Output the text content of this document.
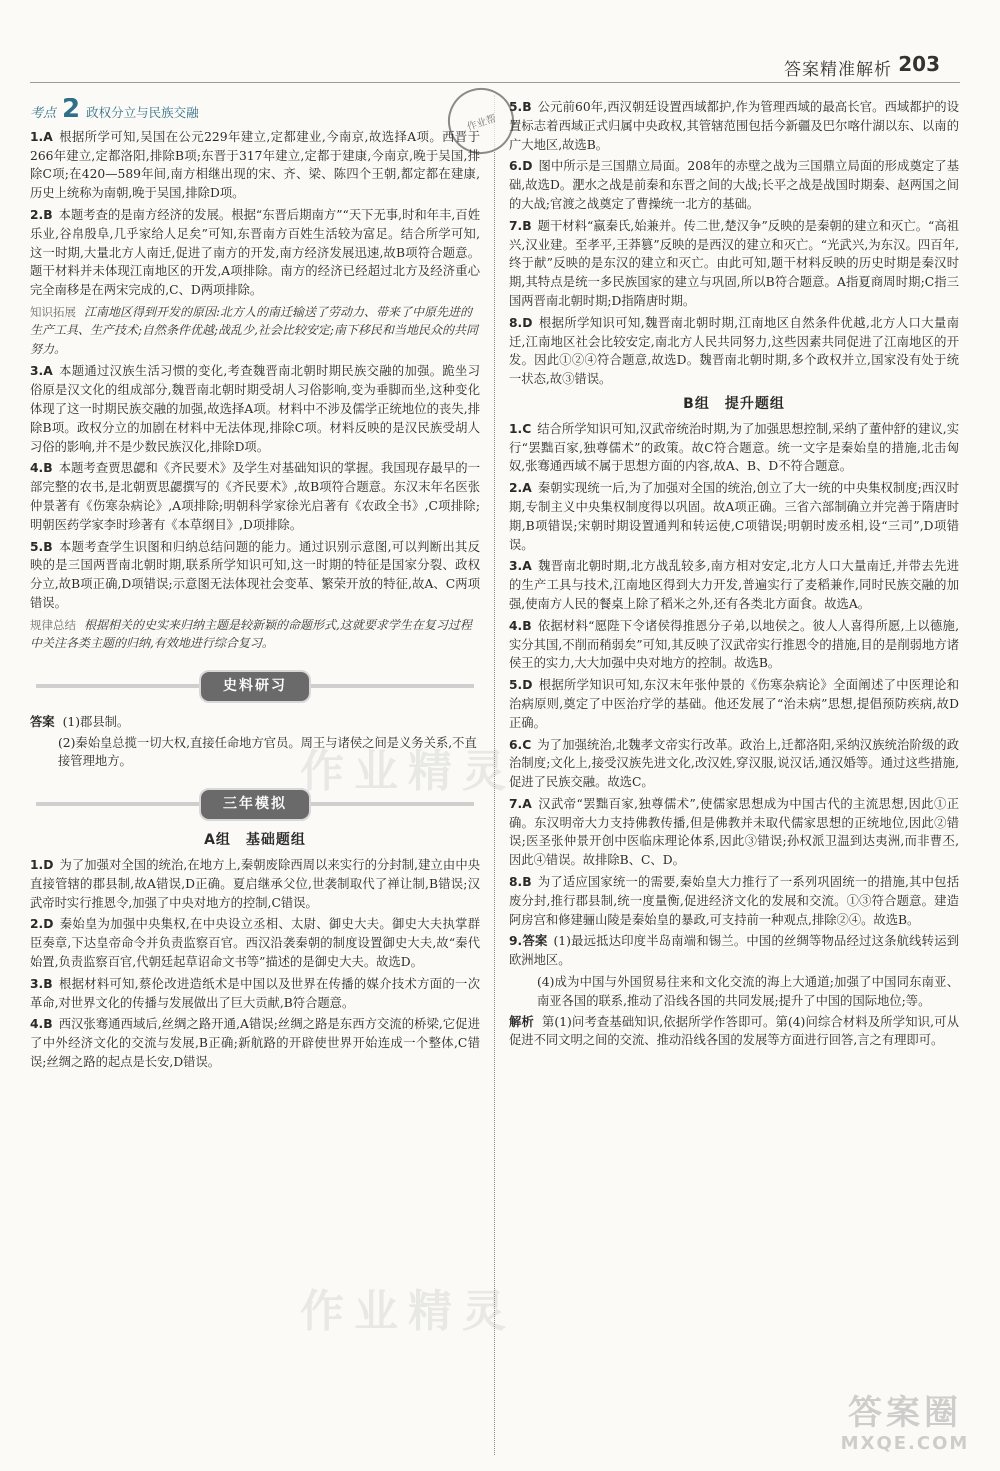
答案精准解析 203
作业帮
考点 2 政权分立与民族交融

1.A 根据所学可知,吴国在公元229年建立,定都建业,今南京,故选择A项。西晋于266年建立,定都洛阳,排除B项;东晋于317年建立,定都于建康,今南京,晚于吴国,排除C项;在420—589年间,南方相继出现的宋、齐、梁、陈四个王朝,都定都在建康,历史上统称为南朝,晚于吴国,排除D项。

2.B 本题考查的是南方经济的发展。根据“东晋后期南方”“天下无事,时和年丰,百姓乐业,谷帛殷阜,几乎家给人足矣”可知,东晋南方百姓生活较为富足。结合所学可知,这一时期,大量北方人南迁,促进了南方的开发,南方经济发展迅速,故B项符合题意。题干材料并未体现江南地区的开发,A项排除。南方的经济已经超过北方及经济重心完全南移是在两宋完成的,C、D两项排除。

知识拓展 江南地区得到开发的原因:北方人的南迁输送了劳动力、带来了中原先进的生产工具、生产技术;自然条件优越;战乱少,社会比较安定;南下移民和当地民众的共同努力。

3.A 本题通过汉族生活习惯的变化,考查魏晋南北朝时期民族交融的加强。跪坐习俗原是汉文化的组成部分,魏晋南北朝时期受胡人习俗影响,变为垂脚而坐,这种变化体现了这一时期民族交融的加强,故选择A项。材料中不涉及儒学正统地位的丧失,排除B项。政权分立的加剧在材料中无法体现,排除C项。材料反映的是汉民族受胡人习俗的影响,并不是少数民族汉化,排除D项。

4.B 本题考查贾思勰和《齐民要术》及学生对基础知识的掌握。我国现存最早的一部完整的农书,是北朝贾思勰撰写的《齐民要术》,故B项符合题意。东汉末年名医张仲景著有《伤寒杂病论》,A项排除;明朝科学家徐光启著有《农政全书》,C项排除;明朝医药学家李时珍著有《本草纲目》,D项排除。

5.B 本题考查学生识图和归纳总结问题的能力。通过识别示意图,可以判断出其反映的是三国两晋南北朝时期,联系所学知识可知,这一时期的特征是国家分裂、政权分立,故B项正确,D项错误;示意图无法体现社会变革、繁荣开放的特征,故A、C两项错误。

规律总结 根据相关的史实来归纳主题是较新颖的命题形式,这就要求学生在复习过程中关注各类主题的归纳,有效地进行综合复习。

史料研习

答案 (1)郡县制。

(2)秦始皇总揽一切大权,直接任命地方官员。周王与诸侯之间是义务关系,不直接管理地方。

三年模拟
A组　基础题组

1.D 为了加强对全国的统治,在地方上,秦朝废除西周以来实行的分封制,建立由中央直接管辖的郡县制,故A错误,D正确。夏启继承父位,世袭制取代了禅让制,B错误;汉武帝时实行推恩令,加强了中央对地方的控制,C错误。

2.D 秦始皇为加强中央集权,在中央设立丞相、太尉、御史大夫。御史大夫执掌群臣奏章,下达皇帝命令并负责监察百官。西汉沿袭秦朝的制度设置御史大夫,故“秦代始置,负责监察百官,代朝廷起草诏命文书等”描述的是御史大夫。故选D。

3.B 根据材料可知,蔡伦改进造纸术是中国以及世界在传播的媒介技术方面的一次革命,对世界文化的传播与发展做出了巨大贡献,B符合题意。

4.B 西汉张骞通西域后,丝绸之路开通,A错误;丝绸之路是东西方交流的桥梁,它促进了中外经济文化的交流与发展,B正确;新航路的开辟使世界开始连成一个整体,C错误;丝绸之路的起点是长安,D错误。

5.B 公元前60年,西汉朝廷设置西域都护,作为管理西域的最高长官。西域都护的设置标志着西域正式归属中央政权,其管辖范围包括今新疆及巴尔喀什湖以东、以南的广大地区,故选B。

6.D 图中所示是三国鼎立局面。208年的赤壁之战为三国鼎立局面的形成奠定了基础,故选D。淝水之战是前秦和东晋之间的大战;长平之战是战国时期秦、赵两国之间的大战;官渡之战奠定了曹操统一北方的基础。

7.B 题干材料“嬴秦氏,始兼并。传二世,楚汉争”反映的是秦朝的建立和灭亡。“高祖兴,汉业建。至孝平,王莽篡”反映的是西汉的建立和灭亡。“光武兴,为东汉。四百年,终于献”反映的是东汉的建立和灭亡。由此可知,题干材料反映的历史时期是秦汉时期,其特点是统一多民族国家的建立与巩固,所以B符合题意。A指夏商周时期;C指三国两晋南北朝时期;D指隋唐时期。

8.D 根据所学知识可知,魏晋南北朝时期,江南地区自然条件优越,北方人口大量南迁,江南地区社会比较安定,南北方人民共同努力,这些因素共同促进了江南地区的开发。因此①②④符合题意,故选D。魏晋南北朝时期,多个政权并立,国家没有处于统一状态,故③错误。

B组　提升题组

1.C 结合所学知识可知,汉武帝统治时期,为了加强思想控制,采纳了董仲舒的建议,实行“罢黜百家,独尊儒术”的政策。故C符合题意。统一文字是秦始皇的措施,北击匈奴,张骞通西域不属于思想方面的内容,故A、B、D不符合题意。

2.A 秦朝实现统一后,为了加强对全国的统治,创立了大一统的中央集权制度;西汉时期,专制主义中央集权制度得以巩固。故A项正确。三省六部制确立并完善于隋唐时期,B项错误;宋朝时期设置通判和转运使,C项错误;明朝时废丞相,设“三司”,D项错误。

3.A 魏晋南北朝时期,北方战乱较多,南方相对安定,北方人口大量南迁,并带去先进的生产工具与技术,江南地区得到大力开发,普遍实行了麦稻兼作,同时民族交融的加强,使南方人民的餐桌上除了稻米之外,还有各类北方面食。故选A。

4.B 依据材料“愿陛下令诸侯得推恩分子弟,以地侯之。彼人人喜得所愿,上以德施,实分其国,不削而稍弱矣”可知,其反映了汉武帝实行推恩令的措施,目的是削弱地方诸侯王的实力,大大加强中央对地方的控制。故选B。

5.D 根据所学知识可知,东汉末年张仲景的《伤寒杂病论》全面阐述了中医理论和治病原则,奠定了中医治疗学的基础。他还发展了“治未病”思想,提倡预防疾病,故D正确。

6.C 为了加强统治,北魏孝文帝实行改革。政治上,迁都洛阳,采纳汉族统治阶级的政治制度;文化上,接受汉族先进文化,改汉姓,穿汉服,说汉话,通汉婚等。通过这些措施,促进了民族交融。故选C。

7.A 汉武帝“罢黜百家,独尊儒术”,使儒家思想成为中国古代的主流思想,因此①正确。东汉明帝大力支持佛教传播,但是佛教并未取代儒家思想的正统地位,因此②错误;医圣张仲景开创中医临床理论体系,因此③错误;孙权派卫温到达夷洲,而非曹丕,因此④错误。故排除B、C、D。

8.B 为了适应国家统一的需要,秦始皇大力推行了一系列巩固统一的措施,其中包括废分封,推行郡县制,统一度量衡,促进经济文化的发展和交流。①③符合题意。建造阿房宫和修建骊山陵是秦始皇的暴政,可支持前一种观点,排除②④。故选B。

9.答案 (1)最远抵达印度半岛南端和锡兰。中国的丝绸等物品经过这条航线转运到欧洲地区。

(4)成为中国与外国贸易往来和文化交流的海上大通道;加强了中国同东南亚、南亚各国的联系,推动了沿线各国的共同发展;提升了中国的国际地位;等。

解析 第(1)问考查基础知识,依据所学作答即可。第(4)问综合材料及所学知识,可从促进不同文明之间的交流、推动沿线各国的发展等方面进行回答,言之有理即可。

作业精灵
作业精灵
答案圈
MXQE.COM
